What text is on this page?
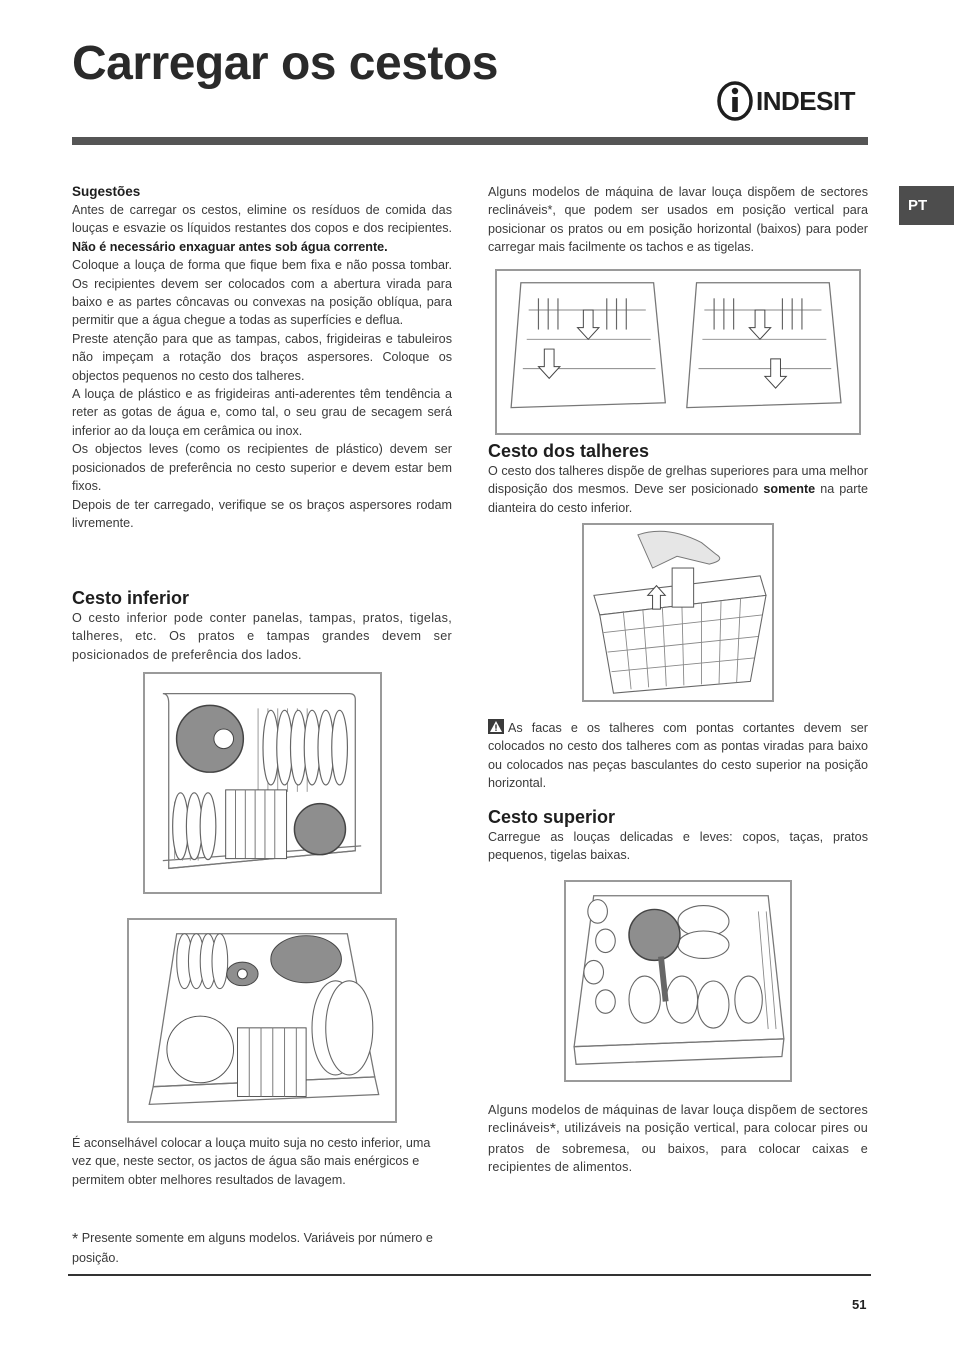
Carregar os cestos
INDESIT
PT

Sugestões

Antes de carregar os cestos, elimine os resíduos de comida das louças e esvazie os líquidos restantes dos copos e dos recipientes. Não é necessário enxaguar antes sob água corrente.

Coloque a louça de forma que fique bem fixa e não possa tombar. Os recipientes devem ser colocados com a abertura virada para baixo e as partes côncavas ou convexas na posição oblíqua, para permitir que a água chegue a todas as superfícies e deflua.

Preste atenção para que as tampas, cabos, frigideiras e tabuleiros não impeçam a rotação dos braços aspersores. Coloque os objectos pequenos no cesto dos talheres.

A louça de plástico e as frigideiras anti-aderentes têm tendência a reter as gotas de água e, como tal, o seu grau de secagem será inferior ao da louça em cerâmica ou inox.

Os objectos leves (como os recipientes de plástico) devem ser posicionados de preferência no cesto superior e devem estar bem fixos.

Depois de ter carregado, verifique se os braços aspersores rodam livremente.

Cesto inferior

O cesto inferior pode conter panelas, tampas, pratos, tigelas, talheres, etc. Os pratos e tampas grandes devem ser posicionados de preferência dos lados.

É aconselhável colocar a louça muito suja no cesto inferior, uma vez que, neste sector, os jactos de água são mais enérgicos e permitem obter melhores resultados de lavagem.

* Presente somente em alguns modelos. Variáveis por número e posição.

Alguns modelos de máquina de lavar louça dispõem de sectores reclináveis*, que podem ser usados em posição vertical para posicionar os pratos ou em posição horizontal (baixos) para poder carregar mais facilmente os tachos e as tigelas.

Cesto dos talheres

O cesto dos talheres dispõe de grelhas superiores para uma melhor disposição dos mesmos. Deve ser posicionado somente na parte dianteira do cesto inferior.

As facas e os talheres com pontas cortantes devem ser colocados no cesto dos talheres com as pontas viradas para baixo ou colocados nas peças basculantes do cesto superior na posição horizontal.

Cesto superior

Carregue as louças delicadas e leves: copos, taças, pratos pequenos, tigelas baixas.

Alguns modelos de máquinas de lavar louça dispõem de sectores reclináveis*, utilizáveis na posição vertical, para colocar pires ou pratos de sobremesa, ou baixos, para colocar caixas e recipientes de alimentos.

51
